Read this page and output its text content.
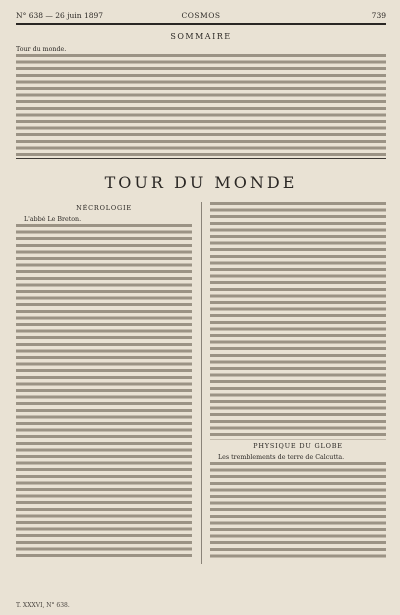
N° 638 — 26 juin 1897	COSMOS	739
SOMMAIRE
Tour du monde.
TOUR DU MONDE
NÉCROLOGIE
L'abbé Le Breton.
PHYSIQUE DU GLOBE
Les tremblements de terre de Calcutta.
T. XXXVI, N° 638.
